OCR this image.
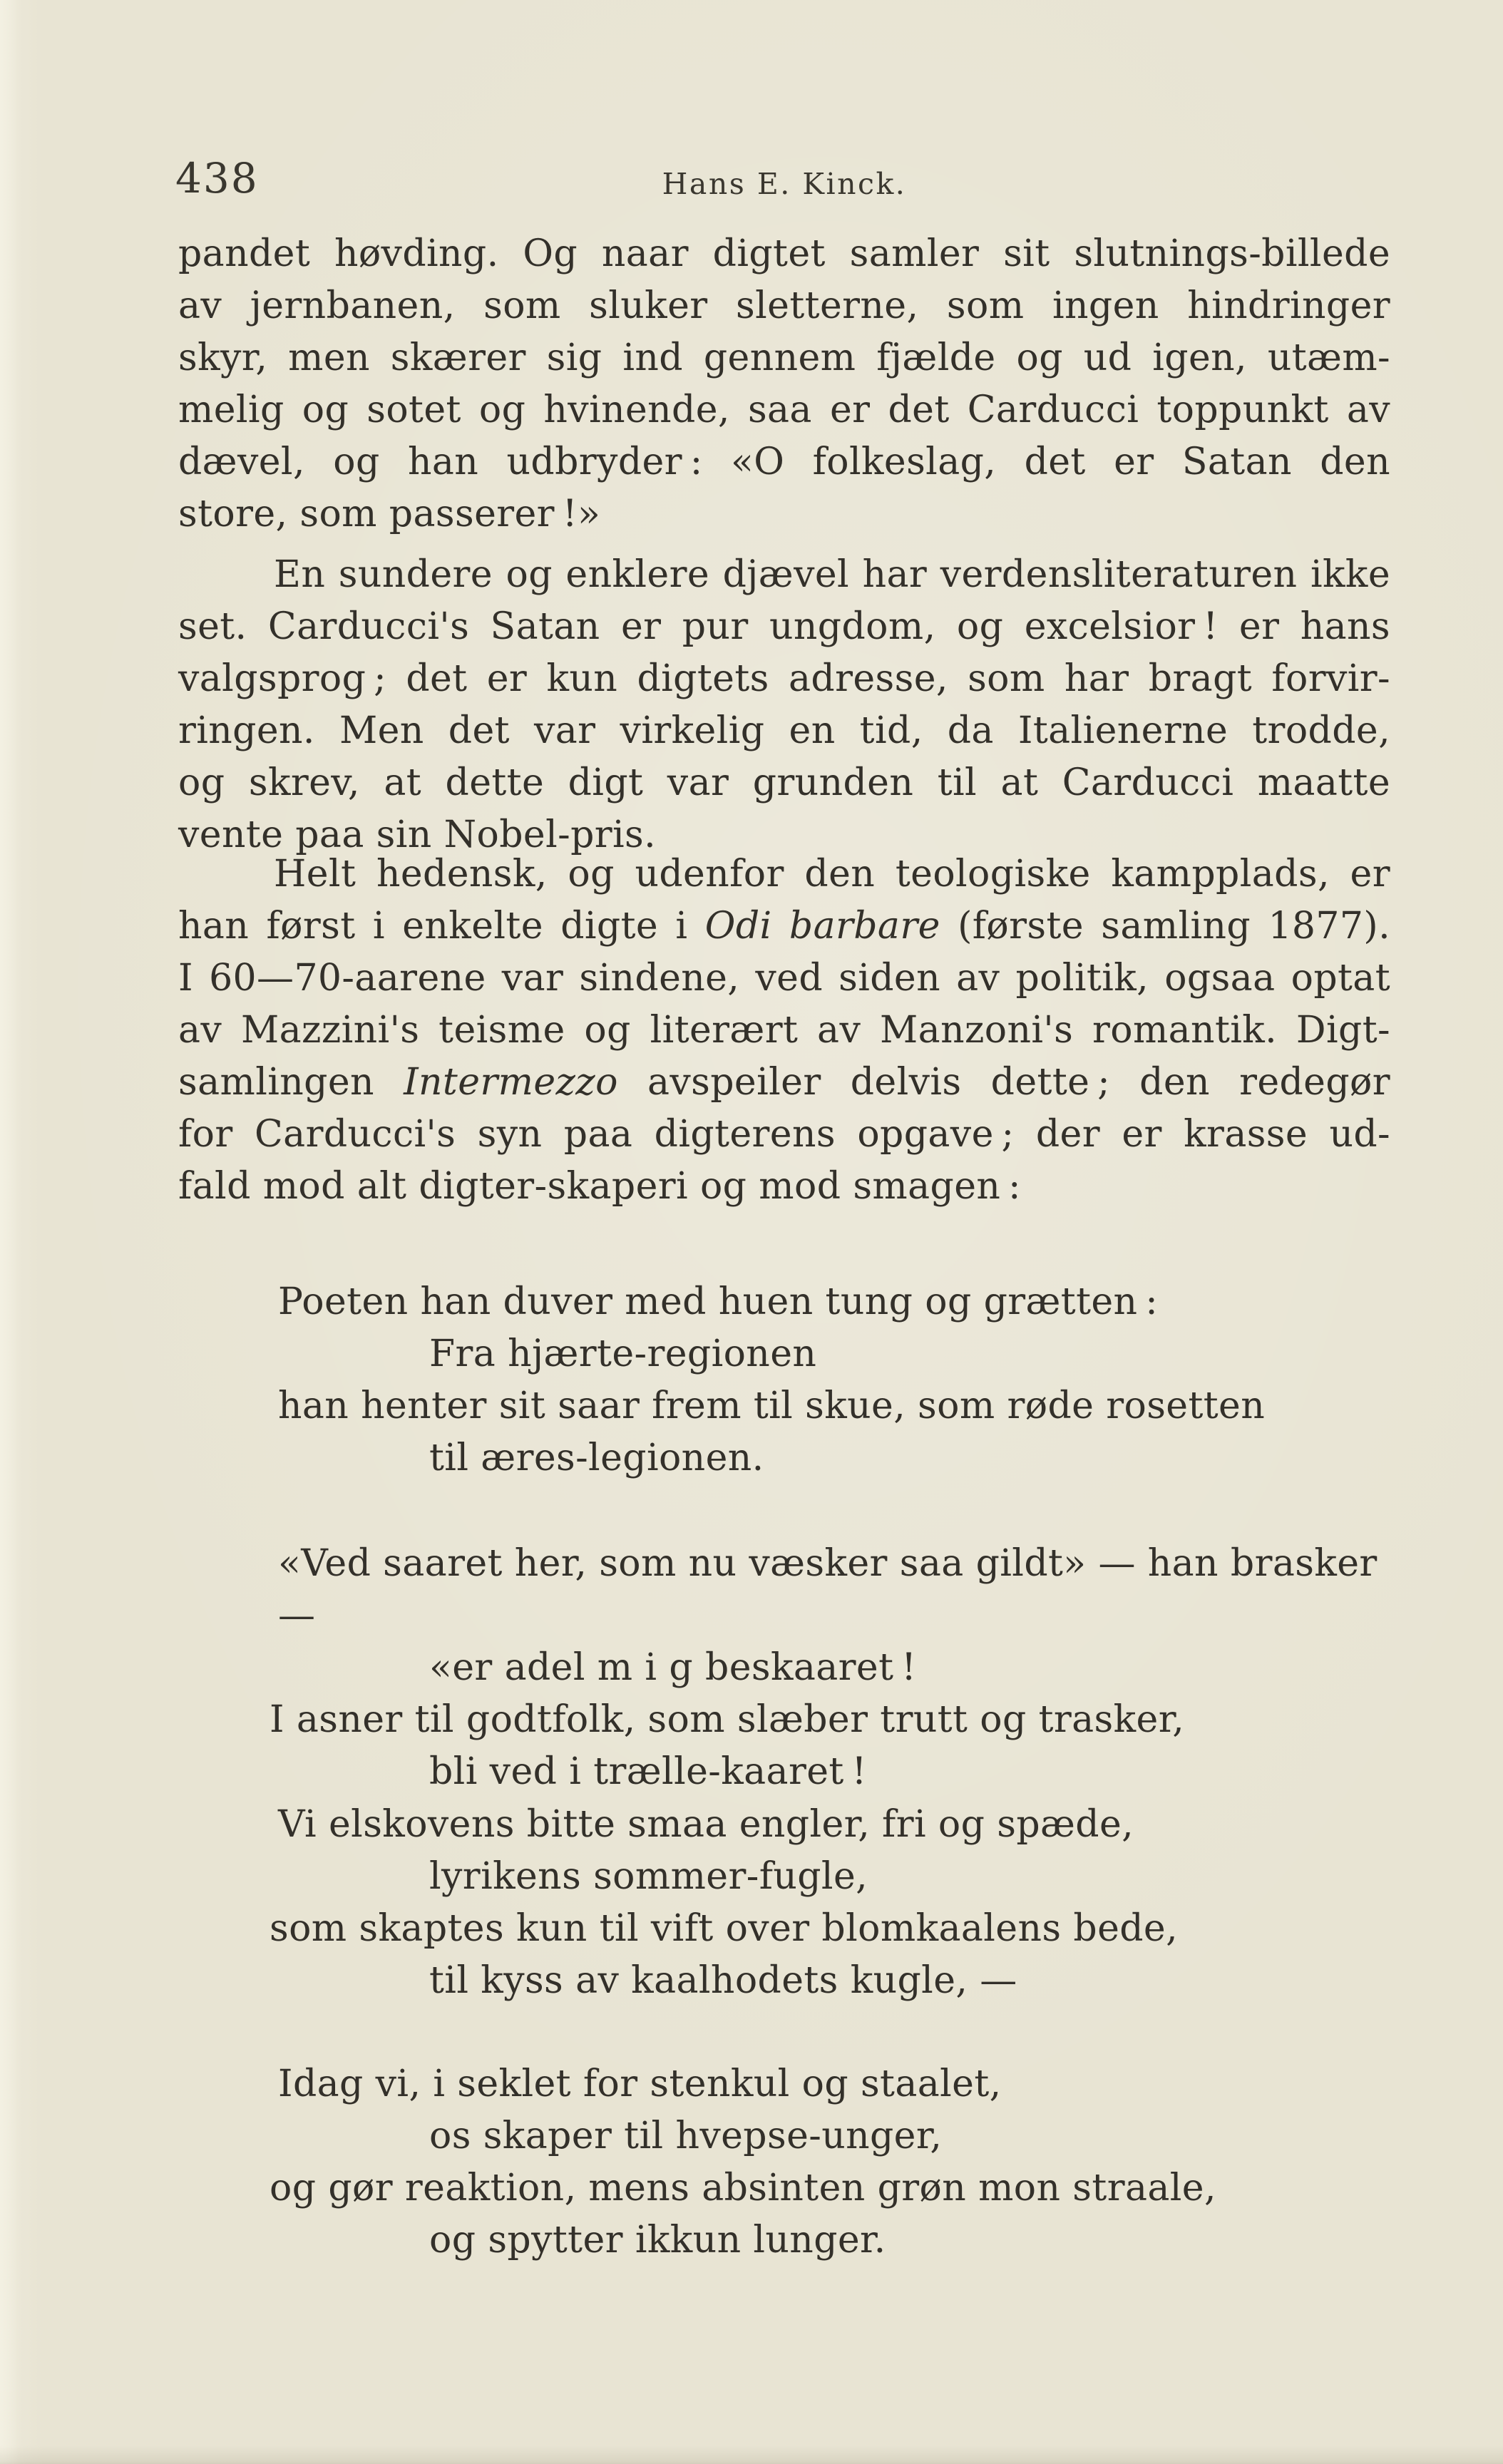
438	Hans E. Kinck.
pandet høvding. Og naar digtet samler sit slutnings-billede
av jernbanen, som sluker sletterne, som ingen hindringer
skyr, men skærer sig ind gennem fjælde og ud igen, utæm-
melig og sotet og hvinende, saa er det Carducci toppunkt av
dævel, og han udbryder : «O folkeslag, det er Satan den
store, som passerer !»
En sundere og enklere djævel har verdensliteraturen ikke
set. Carducci's Satan er pur ungdom, og excelsior ! er hans
valgsprog ; det er kun digtets adresse, som har bragt forvir-
ringen. Men det var virkelig en tid, da Italienerne trodde,
og skrev, at dette digt var grunden til at Carducci maatte
vente paa sin Nobel-pris.
Helt hedensk, og udenfor den teologiske kampplads, er
han først i enkelte digte i Odi barbare (første samling 1877).
I 60—70-aarene var sindene, ved siden av politik, ogsaa optat
av Mazzini's teisme og literært av Manzoni's romantik. Digt-
samlingen Intermezzo avspeiler delvis dette ; den redegør
for Carducci's syn paa digterens opgave ; der er krasse ud-
fald mod alt digter-skaperi og mod smagen :
Poeten han duver med huen tung og grætten :
Fra hjærte-regionen
han henter sit saar frem til skue, som røde rosetten
til æres-legionen.
«Ved saaret her, som nu væsker saa gildt» — han brasker —
«er adel m i g beskaaret !
I asner til godtfolk, som slæber trutt og trasker,
bli ved i trælle-kaaret !
Vi elskovens bitte smaa engler, fri og spæde,
lyrikens sommer-fugle,
som skaptes kun til vift over blomkaalens bede,
til kyss av kaalhodets kugle, —
Idag vi, i seklet for stenkul og staalet,
os skaper til hvepse-unger,
og gør reaktion, mens absinten grøn mon straale,
og spytter ikkun lunger.
